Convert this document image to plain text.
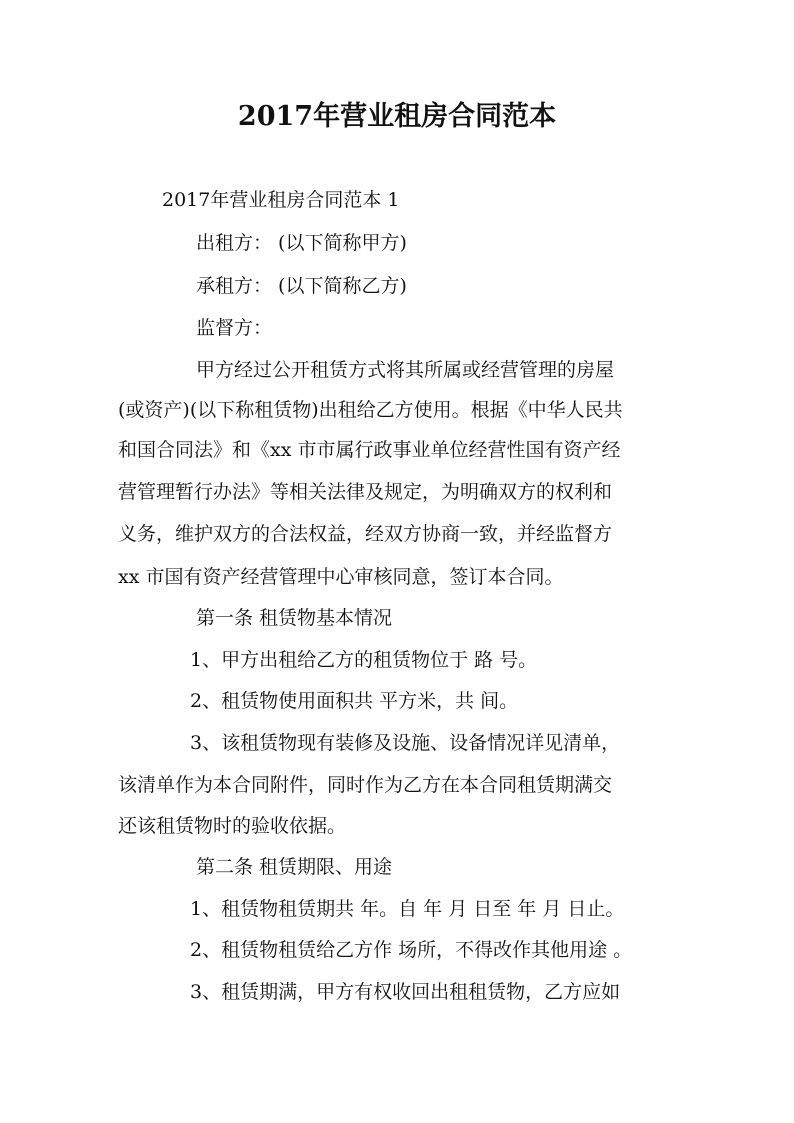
2017年营业租房合同范本

2017年营业租房合同范本 1

出租方： (以下简称甲方)

承租方： (以下简称乙方)

监督方：

甲方经过公开租赁方式将其所属或经营管理的房屋

(或资产)(以下称租赁物)出租给乙方使用。根据《中华人民共

和国合同法》和《xx 市市属行政事业单位经营性国有资产经

营管理暂行办法》等相关法律及规定，为明确双方的权利和

义务，维护双方的合法权益，经双方协商一致，并经监督方

xx 市国有资产经营管理中心审核同意，签订本合同。

第一条 租赁物基本情况

1、甲方出租给乙方的租赁物位于 路 号。

2、租赁物使用面积共 平方米，共 间。

3、该租赁物现有装修及设施、设备情况详见清单，

该清单作为本合同附件，同时作为乙方在本合同租赁期满交

还该租赁物时的验收依据。

第二条 租赁期限、用途

1、租赁物租赁期共 年。自 年 月 日至 年 月 日止。

2、租赁物租赁给乙方作 场所，不得改作其他用途 。

3、租赁期满，甲方有权收回出租租赁物，乙方应如
